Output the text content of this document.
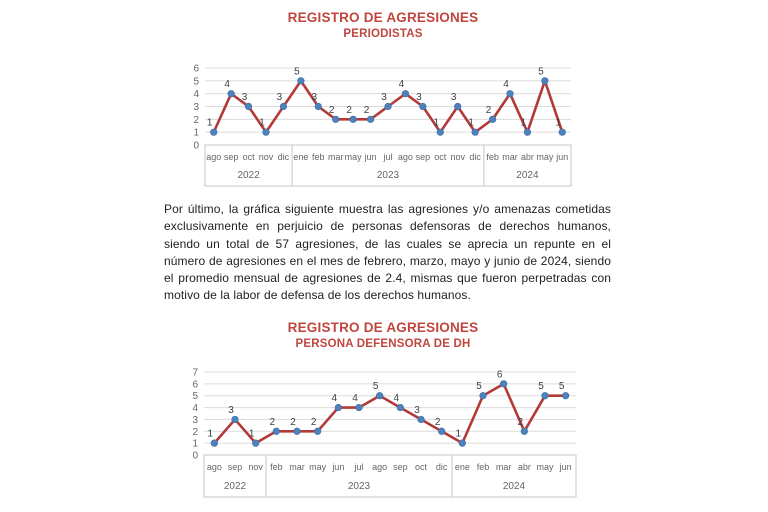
REGISTRO DE AGRESIONES
PERIODISTAS
0
1
2
3
4
5
6
ago sep oct nov dic
2022
ene feb mar may jun jul ago sep oct nov dic
2023
feb mar abr may jun
2024
1
4
3
1
3
5
3
2 2 2
3
4
3
1
3
1
2
4
1
5
1

Por último, la gráfica siguiente muestra las agresiones y/o amenazas cometidas exclusivamente en perjuicio de personas defensoras de derechos humanos, siendo un total de 57 agresiones, de las cuales se aprecia un repunte en el número de agresiones en el mes de febrero, marzo, mayo y junio de 2024, siendo el promedio mensual de agresiones de 2.4, mismas que fueron perpetradas con motivo de la labor de defensa de los derechos humanos.

REGISTRO DE AGRESIONES
PERSONA DEFENSORA DE DH
0
1
2
3
4
5
6
7
ago sep nov
2022
feb mar may jun jul ago sep oct dic
2023
ene feb mar abr may jun
2024
1
3
1
2 2 2
4 4
5
4
3
2
1
5
6
2
5 5
